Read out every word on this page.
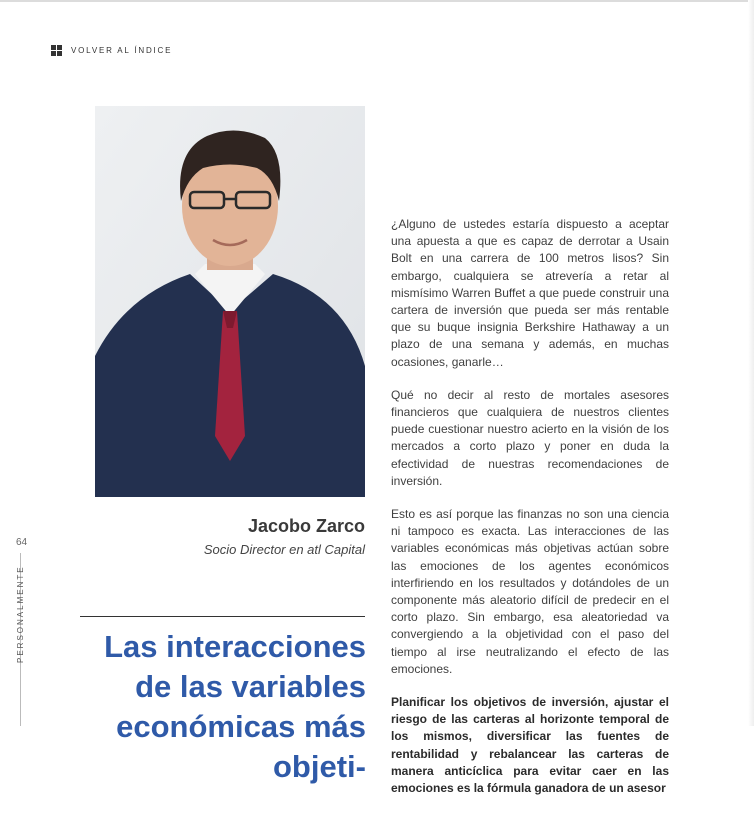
VOLVER AL ÍNDICE
Jacobo Zarco
Socio Director en atl Capital
64
PERSONALMENTE	Las interacciones de las variables económicas más objeti-

¿Alguno de ustedes estaría dispuesto a aceptar una apuesta a que es capaz de derrotar a Usain Bolt en una carrera de 100 metros lisos? Sin embargo, cualquiera se atrevería a retar al mismísimo Warren Buffet a que puede construir una cartera de inversión que pueda ser más rentable que su buque insignia Berkshire Hathaway a un plazo de una semana y además, en muchas ocasiones, ganarle…

Qué no decir al resto de mortales asesores financieros que cualquiera de nuestros clientes puede cuestionar nuestro acierto en la visión de los mercados a corto plazo y poner en duda la efectividad de nuestras recomendaciones de inversión.

Esto es así porque las finanzas no son una ciencia ni tampoco es exacta. Las interacciones de las variables económicas más objetivas actúan sobre las emociones de los agentes económicos interfiriendo en los resultados y dotándoles de un componente más aleatorio difícil de predecir en el corto plazo. Sin embargo, esa aleatoriedad va convergiendo a la objetividad con el paso del tiempo al irse neutralizando el efecto de las emociones.

Planificar los objetivos de inversión, ajustar el riesgo de las carteras al horizonte temporal de los mismos, diversificar las fuentes de rentabilidad y rebalancear las carteras de manera anticíclica para evitar caer en las emociones es la fórmula ganadora de un asesor
